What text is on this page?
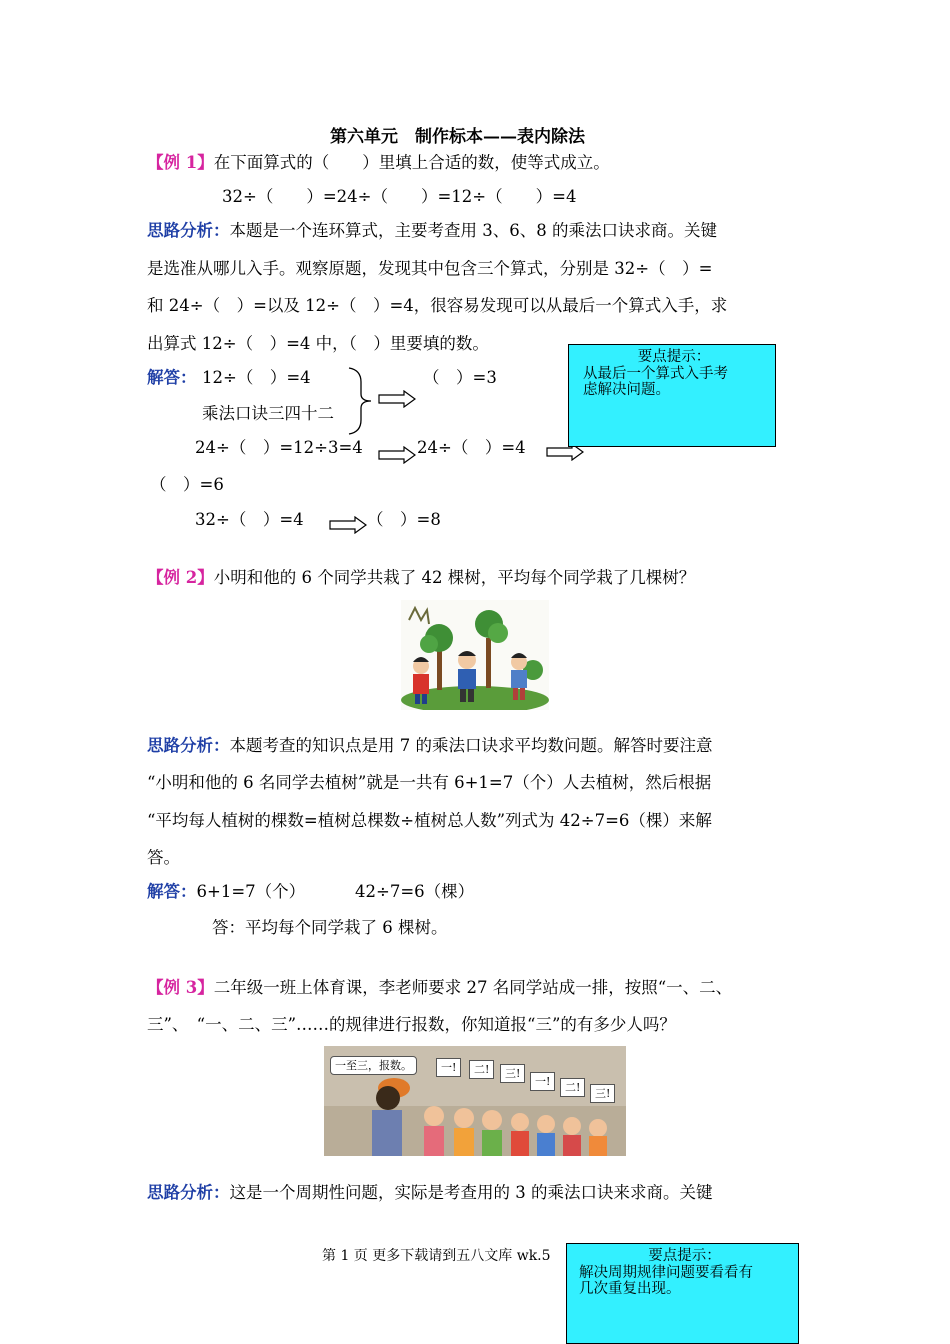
第六单元　制作标本——表内除法
【例 1】在下面算式的（　　）里填上合适的数，使等式成立。
32÷（　　）=24÷（　　）=12÷（　　）=4
思路分析：本题是一个连环算式，主要考查用 3、6、8 的乘法口诀求商。关键
是选准从哪儿入手。观察原题，发现其中包含三个算式，分别是 32÷（　）=
和 24÷（　）=以及 12÷（　）=4，很容易发现可以从最后一个算式入手，求
出算式 12÷（　）=4 中，（　）里要填的数。
解答： 12÷（　）=4
乘法口诀三四十二
（　）=3
24÷（　）=12÷3=4	24÷（　）=4
（　）=6
32÷（　）=4	（　）=8
要点提示：
从最后一个算式入手考
虑解决问题。
【例 2】小明和他的 6 个同学共栽了 42 棵树，平均每个同学栽了几棵树？
思路分析：本题考查的知识点是用 7 的乘法口诀求平均数问题。解答时要注意
“小明和他的 6 名同学去植树”就是一共有 6+1=7（个）人去植树，然后根据
“平均每人植树的棵数=植树总棵数÷植树总人数”列式为 42÷7=6（棵）来解
答。
解答：6+1=7（个）	42÷7=6（棵）
答：平均每个同学栽了 6 棵树。
【例 3】二年级一班上体育课，李老师要求 27 名同学站成一排，按照“一、二、
三”、　“一、二、三”……的规律进行报数，你知道报“三”的有多少人吗？
一至三，报数。	一!	二!	三!
一!	二!	三!
思路分析：这是一个周期性问题，实际是考查用的 3 的乘法口诀来求商。关键
第 1 页 更多下载请到五八文库 wk.5	要点提示：
解决周期规律问题要看看有
几次重复出现。
